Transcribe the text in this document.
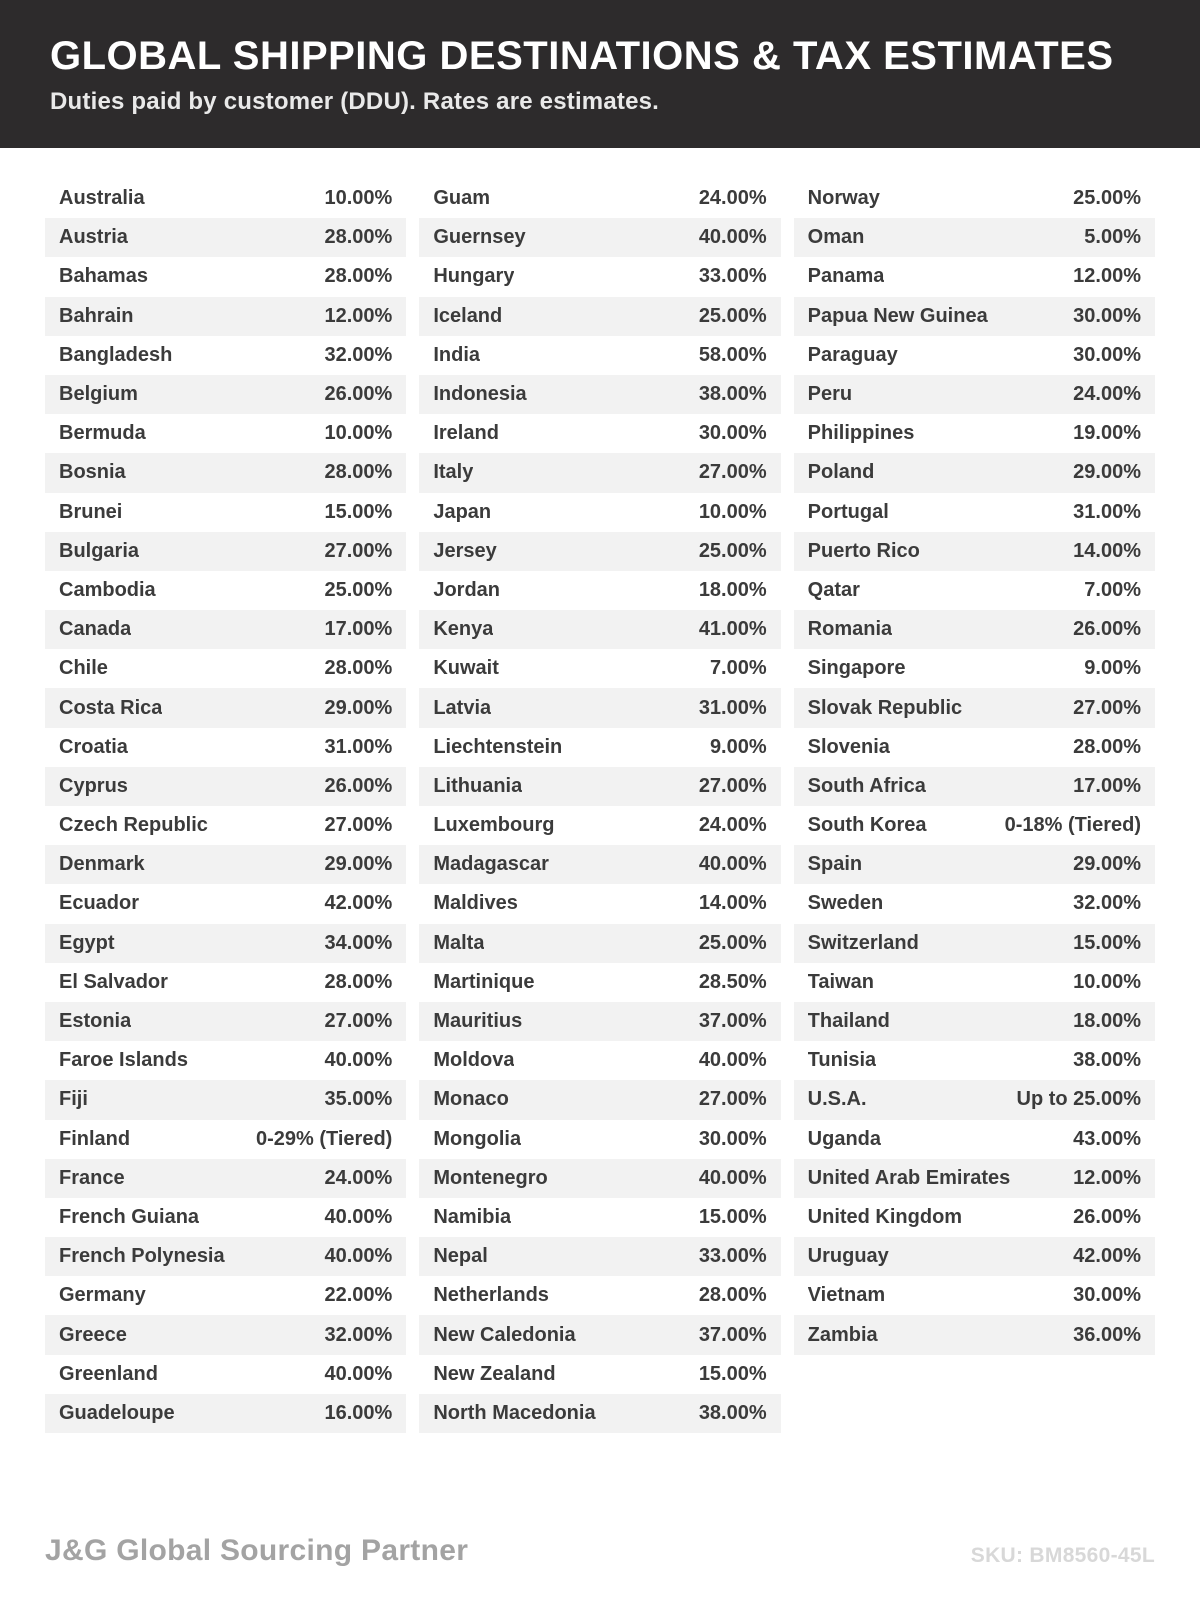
GLOBAL SHIPPING DESTINATIONS & TAX ESTIMATES

Duties paid by customer (DDU). Rates are estimates.

Australia	10.00%
Austria	28.00%
Bahamas	28.00%
Bahrain	12.00%
Bangladesh	32.00%
Belgium	26.00%
Bermuda	10.00%
Bosnia	28.00%
Brunei	15.00%
Bulgaria	27.00%
Cambodia	25.00%
Canada	17.00%
Chile	28.00%
Costa Rica	29.00%
Croatia	31.00%
Cyprus	26.00%
Czech Republic	27.00%
Denmark	29.00%
Ecuador	42.00%
Egypt	34.00%
El Salvador	28.00%
Estonia	27.00%
Faroe Islands	40.00%
Fiji	35.00%
Finland	0-29% (Tiered)
France	24.00%
French Guiana	40.00%
French Polynesia	40.00%
Germany	22.00%
Greece	32.00%
Greenland	40.00%
Guadeloupe	16.00%
Guam	24.00%
Guernsey	40.00%
Hungary	33.00%
Iceland	25.00%
India	58.00%
Indonesia	38.00%
Ireland	30.00%
Italy	27.00%
Japan	10.00%
Jersey	25.00%
Jordan	18.00%
Kenya	41.00%
Kuwait	7.00%
Latvia	31.00%
Liechtenstein	9.00%
Lithuania	27.00%
Luxembourg	24.00%
Madagascar	40.00%
Maldives	14.00%
Malta	25.00%
Martinique	28.50%
Mauritius	37.00%
Moldova	40.00%
Monaco	27.00%
Mongolia	30.00%
Montenegro	40.00%
Namibia	15.00%
Nepal	33.00%
Netherlands	28.00%
New Caledonia	37.00%
New Zealand	15.00%
North Macedonia	38.00%
Norway	25.00%
Oman	5.00%
Panama	12.00%
Papua New Guinea	30.00%
Paraguay	30.00%
Peru	24.00%
Philippines	19.00%
Poland	29.00%
Portugal	31.00%
Puerto Rico	14.00%
Qatar	7.00%
Romania	26.00%
Singapore	9.00%
Slovak Republic	27.00%
Slovenia	28.00%
South Africa	17.00%
South Korea	0-18% (Tiered)
Spain	29.00%
Sweden	32.00%
Switzerland	15.00%
Taiwan	10.00%
Thailand	18.00%
Tunisia	38.00%
U.S.A.	Up to 25.00%
Uganda	43.00%
United Arab Emirates	12.00%
United Kingdom	26.00%
Uruguay	42.00%
Vietnam	30.00%
Zambia	36.00%
J&G Global Sourcing Partner	SKU: BM8560-45L
